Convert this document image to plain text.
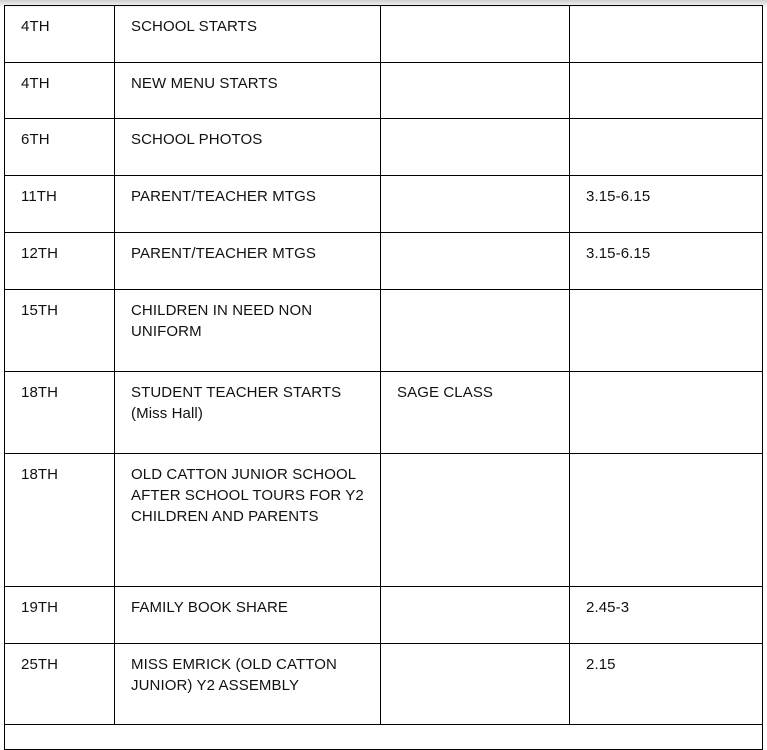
4TH	SCHOOL STARTS		
4TH	NEW MENU STARTS		
6TH	SCHOOL PHOTOS		
11TH	PARENT/TEACHER MTGS		3.15-6.15
12TH	PARENT/TEACHER MTGS		3.15-6.15
15TH	CHILDREN IN NEED NON UNIFORM		
18TH	STUDENT TEACHER STARTS (Miss Hall)	SAGE CLASS	
18TH	OLD CATTON JUNIOR SCHOOL AFTER SCHOOL TOURS FOR Y2 CHILDREN AND PARENTS		
19TH	FAMILY BOOK SHARE		2.45-3
25TH	MISS EMRICK (OLD CATTON JUNIOR) Y2 ASSEMBLY		2.15
